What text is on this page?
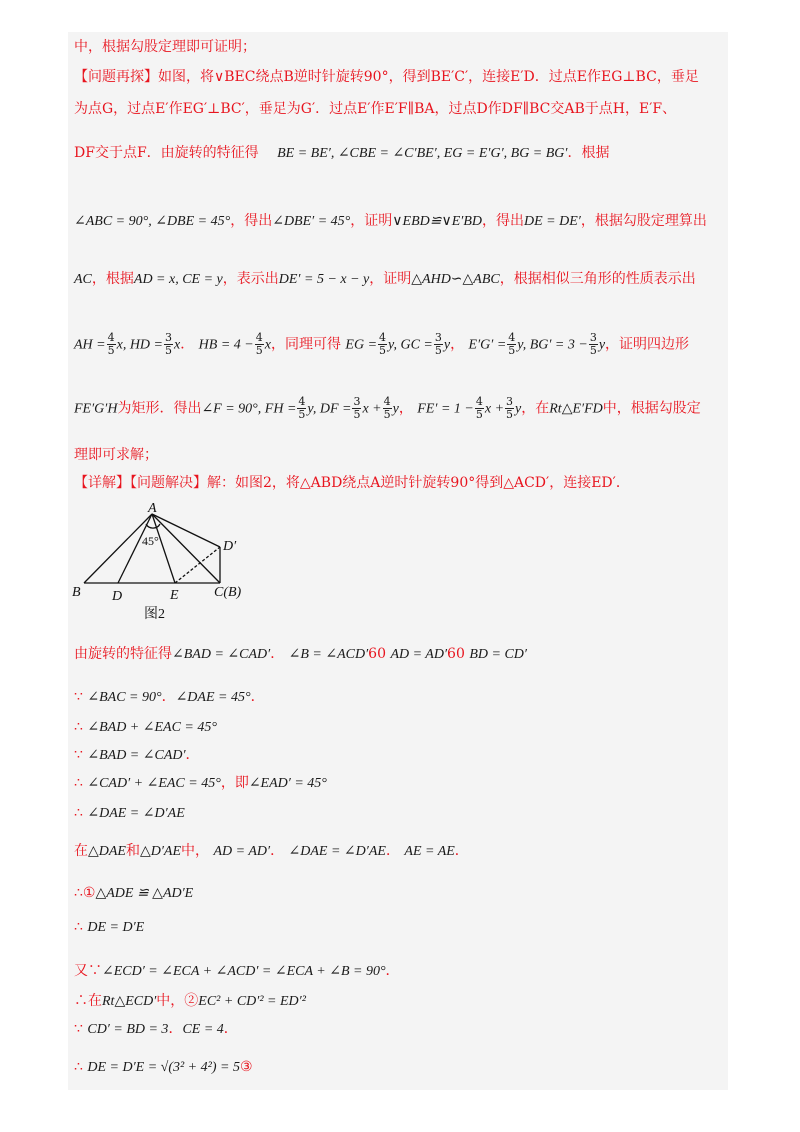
中，根据勾股定理即可证明；
【问题再探】如图，将∨BEC绕点B逆时针旋转90°，得到BE′C′，连接E′D．过点E作EG⊥BC，垂足
为点G，过点E′作EG′⊥BC′，垂足为G′．过点E′作E′F∥BA，过点D作DF∥BC交AB于点H，E′F、
DF交于点F．由旋转的特征得 BE = BE′, ∠CBE = ∠C′BE′, EG = E′G′, BG = BG′．根据
∠ABC = 90°, ∠DBE = 45°，得出∠DBE′ = 45°，证明∨EBD≌∨E′BD，得出DE = DE′，根据勾股定理算出
AC，根据AD = x, CE = y，表示出DE′ = 5 − x − y，证明△AHD∽△ABC，根据相似三角形的性质表示出
AH = $\frac{4}{5} x$, HD = $\frac{3}{5}$ x． HB = $4 - \frac{4}{5}$ x，同理可得 EG = $\frac{4}{5} y$, GC = $\frac{3}{5}$ y， $E'G' = \frac{4}{5} y$, $BG' = 3 - \frac{3}{5}$ y，证明四边形
FE′G′H为矩形．得出∠F = 90°, FH = $\frac{4}{5} y$, DF = $\frac{3}{5}$ $x + \frac{4}{5}$ y， $FE' = 1 - \frac{4}{5}$ $x + \frac{3}{5}$ y，在Rt△E′FD中，根据勾股定
理即可求解；
【详解】【问题解决】解：如图2，将△ABD绕点A逆时针旋转90°得到△ACD′，连接ED′．
A
45°	D′
B D	E	C(B)
图2
由旋转的特征得∠BAD = ∠CAD′． ∠B = ∠ACD′60 AD = AD′60 BD = CD′
∵ ∠BAC = 90°．∠DAE = 45°．
∴ ∠BAD + ∠EAC = 45°
∵ ∠BAD = ∠CAD′．
∴ ∠CAD′ + ∠EAC = 45°，即∠EAD′ = 45°
∴ ∠DAE = ∠D′AE
在△DAE和△D′AE中， AD = AD′． ∠DAE = ∠D′AE． AE = AE．
∴①△ADE ≌ △AD′E
∴ DE = D′E
又∵∠ECD′ = ∠ECA + ∠ACD′ = ∠ECA + ∠B = 90°．
∴在Rt△ECD′中，②EC² + CD′² = ED′²
∵ CD′ = BD = 3．CE = 4．
∴ DE = D′E = √(3² + 4²) = 5③
